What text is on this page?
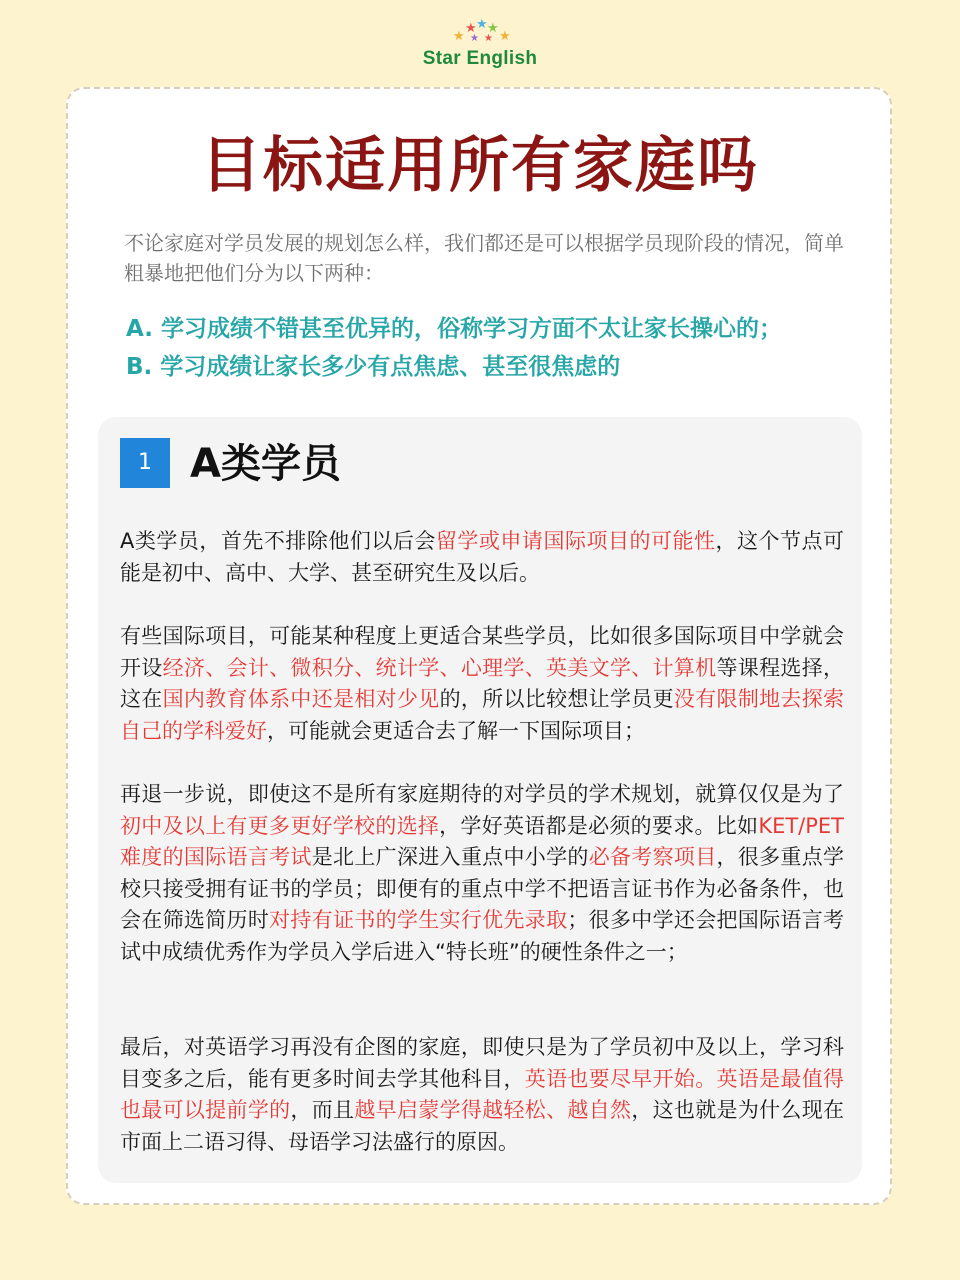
★
★ ★ ★
★
★ ★
Star English
目标适用所有家庭吗
不论家庭对学员发展的规划怎么样，我们都还是可以根据学员现阶段的情况，简单粗暴地把他们分为以下两种：
A. 学习成绩不错甚至优异的，俗称学习方面不太让家长操心的；
B. 学习成绩让家长多少有点焦虑、甚至很焦虑的
1 A类学员
A类学员，首先不排除他们以后会留学或申请国际项目的可能性，这个节点可能是初中、高中、大学、甚至研究生及以后。
有些国际项目，可能某种程度上更适合某些学员，比如很多国际项目中学就会开设经济、会计、微积分、统计学、心理学、英美文学、计算机等课程选择，这在国内教育体系中还是相对少见的，所以比较想让学员更没有限制地去探索自己的学科爱好，可能就会更适合去了解一下国际项目；
再退一步说，即使这不是所有家庭期待的对学员的学术规划，就算仅仅是为了初中及以上有更多更好学校的选择，学好英语都是必须的要求。比如KET/PET难度的国际语言考试是北上广深进入重点中小学的必备考察项目，很多重点学校只接受拥有证书的学员；即便有的重点中学不把语言证书作为必备条件，也会在筛选简历时对持有证书的学生实行优先录取；很多中学还会把国际语言考试中成绩优秀作为学员入学后进入“特长班”的硬性条件之一；
最后，对英语学习再没有企图的家庭，即使只是为了学员初中及以上，学习科目变多之后，能有更多时间去学其他科目，英语也要尽早开始。英语是最值得也最可以提前学的，而且越早启蒙学得越轻松、越自然，这也就是为什么现在市面上二语习得、母语学习法盛行的原因。
